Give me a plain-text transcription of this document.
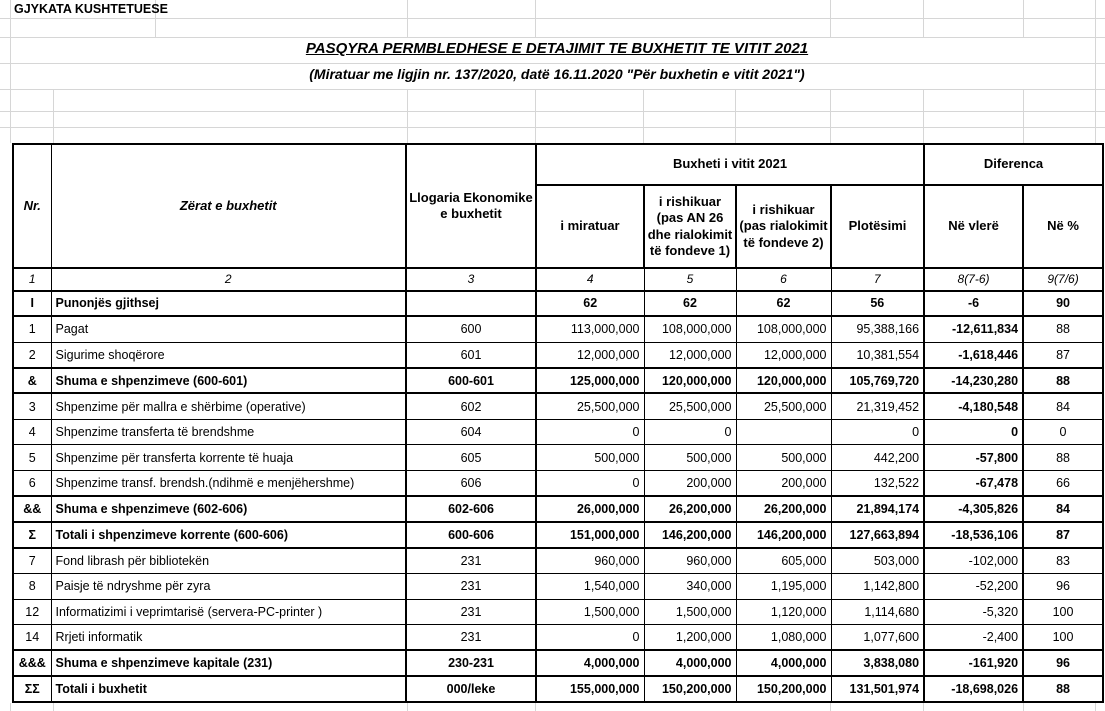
GJYKATA KUSHTETUESE
PASQYRA PERMBLEDHESE E DETAJIMIT TE BUXHETIT TE VITIT 2021
(Miratuar me ligjin nr. 137/2020, datë 16.11.2020 "Për buxhetin e vitit 2021")
Nr.	Zërat e buxhetit	Llogaria Ekonomike e buxhetit	Buxheti i vitit 2021				Diferenca	
			i miratuar	i rishikuar (pas AN 26 dhe rialokimit të fondeve 1)	i rishikuar (pas rialokimit të fondeve 2)	Plotësimi	Në vlerë	Në %
1	2	3	4	5	6	7	8(7-6)	9(7/6)
I	Punonjës gjithsej		62	62	62	56	-6	90
1	Pagat	600	113,000,000	108,000,000	108,000,000	95,388,166	-12,611,834	88
2	Sigurime shoqërore	601	12,000,000	12,000,000	12,000,000	10,381,554	-1,618,446	87
&	Shuma e shpenzimeve (600-601)	600-601	125,000,000	120,000,000	120,000,000	105,769,720	-14,230,280	88
3	Shpenzime për mallra e shërbime (operative)	602	25,500,000	25,500,000	25,500,000	21,319,452	-4,180,548	84
4	Shpenzime transferta të brendshme	604	0	0		0	0	0
5	Shpenzime për transferta korrente të huaja	605	500,000	500,000	500,000	442,200	-57,800	88
6	Shpenzime transf. brendsh.(ndihmë e menjëhershme)	606	0	200,000	200,000	132,522	-67,478	66
&&	Shuma e shpenzimeve (602-606)	602-606	26,000,000	26,200,000	26,200,000	21,894,174	-4,305,826	84
Σ	Totali i shpenzimeve korrente (600-606)	600-606	151,000,000	146,200,000	146,200,000	127,663,894	-18,536,106	87
7	Fond librash për bibliotekën	231	960,000	960,000	605,000	503,000	-102,000	83
8	Paisje të ndryshme për zyra	231	1,540,000	340,000	1,195,000	1,142,800	-52,200	96
12	Informatizimi i veprimtarisë (servera-PC-printer )	231	1,500,000	1,500,000	1,120,000	1,114,680	-5,320	100
14	Rrjeti informatik	231	0	1,200,000	1,080,000	1,077,600	-2,400	100
&&&	Shuma e shpenzimeve kapitale (231)	230-231	4,000,000	4,000,000	4,000,000	3,838,080	-161,920	96
ΣΣ	Totali i buxhetit	000/leke	155,000,000	150,200,000	150,200,000	131,501,974	-18,698,026	88
